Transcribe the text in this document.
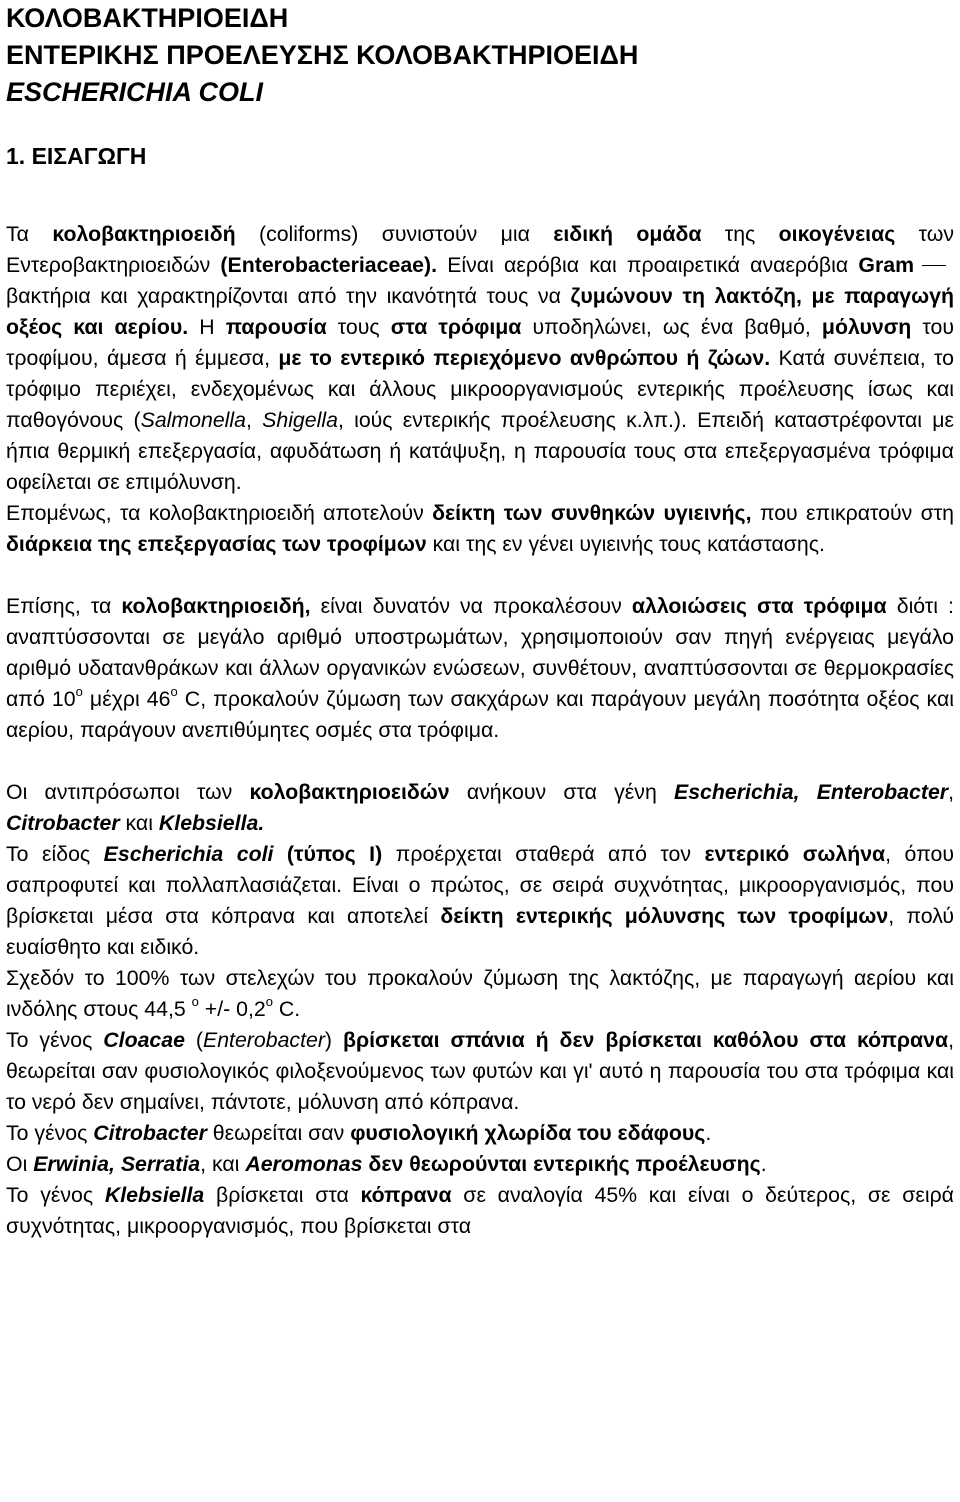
ΚΟΛΟΒΑΚΤΗΡΙΟΕΙΔΗ
ΕΝΤΕΡΙΚΗΣ ΠΡΟΕΛΕΥΣΗΣ ΚΟΛΟΒΑΚΤΗΡΙΟΕΙΔΗ
ESCHERICHIA COLI
1. ΕΙΣΑΓΩΓΗ

Τα κολοβακτηριοειδή (coliforms) συνιστούν μια ειδική ομάδα της οικογένειας των Εντεροβακτηριοειδών (Enterobacteriaceae). Είναι αερόβια και προαιρετικά αναερόβια Gram βακτήρια και χαρακτηρίζονται από την ικανότητά τους να ζυμώνουν τη λακτόζη, με παραγωγή οξέος και αερίου. Η παρουσία τους στα τρόφιμα υποδηλώνει, ως ένα βαθμό, μόλυνση του τροφίμου, άμεσα ή έμμεσα, με το εντερικό περιεχόμενο ανθρώπου ή ζώων. Κατά συνέπεια, το τρόφιμο περιέχει, ενδεχομένως και άλλους μικροοργανισμούς εντερικής προέλευσης ίσως και παθογόνους (Salmonella, Shigella, ιούς εντερικής προέλευσης κ.λπ.). Επειδή καταστρέφονται με ήπια θερμική επεξεργασία, αφυδάτωση ή κατάψυξη, η παρουσία τους στα επεξεργασμένα τρόφιμα οφείλεται σε επιμόλυνση.

Επομένως, τα κολοβακτηριοειδή αποτελούν δείκτη των συνθηκών υγιεινής, που επικρατούν στη διάρκεια της επεξεργασίας των τροφίμων και της εν γένει υγιεινής τους κατάστασης.

Επίσης, τα κολοβακτηριοειδή, είναι δυνατόν να προκαλέσουν αλλοιώσεις στα τρόφιμα διότι : αναπτύσσονται σε μεγάλο αριθμό υποστρωμάτων, χρησιμοποιούν σαν πηγή ενέργειας μεγάλο αριθμό υδατανθράκων και άλλων οργανικών ενώσεων, συνθέτουν, αναπτύσσονται σε θερμοκρασίες από $10^o$ μέχρι $46^o$ C, προκαλούν ζύμωση των σακχάρων και παράγουν μεγάλη ποσότητα οξέος και αερίου, παράγουν ανεπιθύμητες οσμές στα τρόφιμα.

Οι αντιπρόσωποι των κολοβακτηριοειδών ανήκουν στα γένη Escherichia, Enterobacter, Citrobacter και Klebsiella.

Το είδος Escherichia coli (τύπος Ι) προέρχεται σταθερά από τον εντερικό σωλήνα, όπου σαπροφυτεί και πολλαπλασιάζεται. Είναι ο πρώτος, σε σειρά συχνότητας, μικροοργανισμός, που βρίσκεται μέσα στα κόπρανα και αποτελεί δείκτη εντερικής μόλυνσης των τροφίμων, πολύ ευαίσθητο και ειδικό.

Σχεδόν το 100% των στελεχών του προκαλούν ζύμωση της λακτόζης, με παραγωγή αερίου και ινδόλης στους 44,5 $^o$ +/- $0,2^o$ C.

Το γένος Cloacae (Enterobacter) βρίσκεται σπάνια ή δεν βρίσκεται καθόλου στα κόπρανα, θεωρείται σαν φυσιολογικός φιλοξενούμενος των φυτών και γι' αυτό η παρουσία του στα τρόφιμα και το νερό δεν σημαίνει, πάντοτε, μόλυνση από κόπρανα.

Το γένος Citrobacter θεωρείται σαν φυσιολογική χλωρίδα του εδάφους.

Οι Erwinia, Serratia, και Aeromonas δεν θεωρούνται εντερικής προέλευσης.

Το γένος Klebsiella βρίσκεται στα κόπρανα σε αναλογία 45% και είναι ο δεύτερος, σε σειρά συχνότητας, μικροοργανισμός, που βρίσκεται στα
